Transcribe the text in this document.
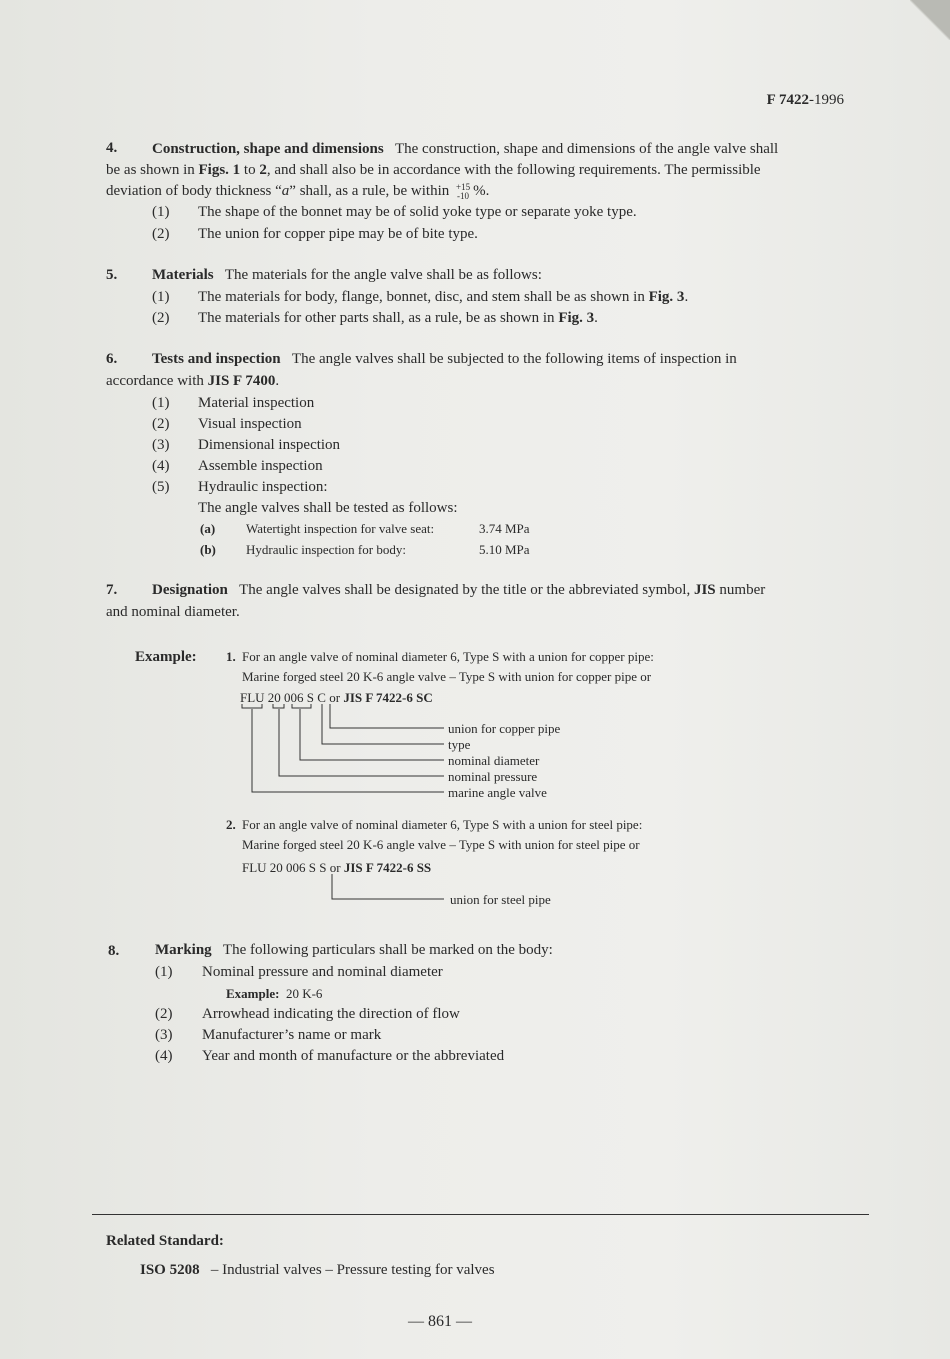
F 7422-1996
4. Construction, shape and dimensions The construction, shape and dimensions of the angle valve shall
be as shown in Figs. 1 to 2, and shall also be in accordance with the following requirements. The permissible
deviation of body thickness “a” shall, as a rule, be within +15
-10 %.
(1) The shape of the bonnet may be of solid yoke type or separate yoke type.
(2) The union for copper pipe may be of bite type.
5. Materials The materials for the angle valve shall be as follows:
(1) The materials for body, flange, bonnet, disc, and stem shall be as shown in Fig. 3.
(2) The materials for other parts shall, as a rule, be as shown in Fig. 3.
6. Tests and inspection The angle valves shall be subjected to the following items of inspection in
accordance with JIS F 7400.
(1) Material inspection
(2) Visual inspection
(3) Dimensional inspection
(4) Assemble inspection
(5) Hydraulic inspection:
The angle valves shall be tested as follows:
(a) Watertight inspection for valve seat:	3.74 MPa
(b) Hydraulic inspection for body:	5.10 MPa
7. Designation The angle valves shall be designated by the title or the abbreviated symbol, JIS number
and nominal diameter.
Example: 1. For an angle valve of nominal diameter 6, Type S with a union for copper pipe:
Marine forged steel 20 K-6 angle valve – Type S with union for copper pipe or
FLU 20 006 S C or JIS F 7422-6 SC
union for copper pipe
type
nominal diameter
nominal pressure
marine angle valve
2. For an angle valve of nominal diameter 6, Type S with a union for steel pipe:
Marine forged steel 20 K-6 angle valve – Type S with union for steel pipe or
FLU 20 006 S S or JIS F 7422-6 SS
union for steel pipe
8. Marking The following particulars shall be marked on the body:
(1) Nominal pressure and nominal diameter
Example: 20 K-6
(2) Arrowhead indicating the direction of flow
(3) Manufacturer’s name or mark
(4) Year and month of manufacture or the abbreviated
Related Standard:
ISO 5208 – Industrial valves – Pressure testing for valves
— 861 —
